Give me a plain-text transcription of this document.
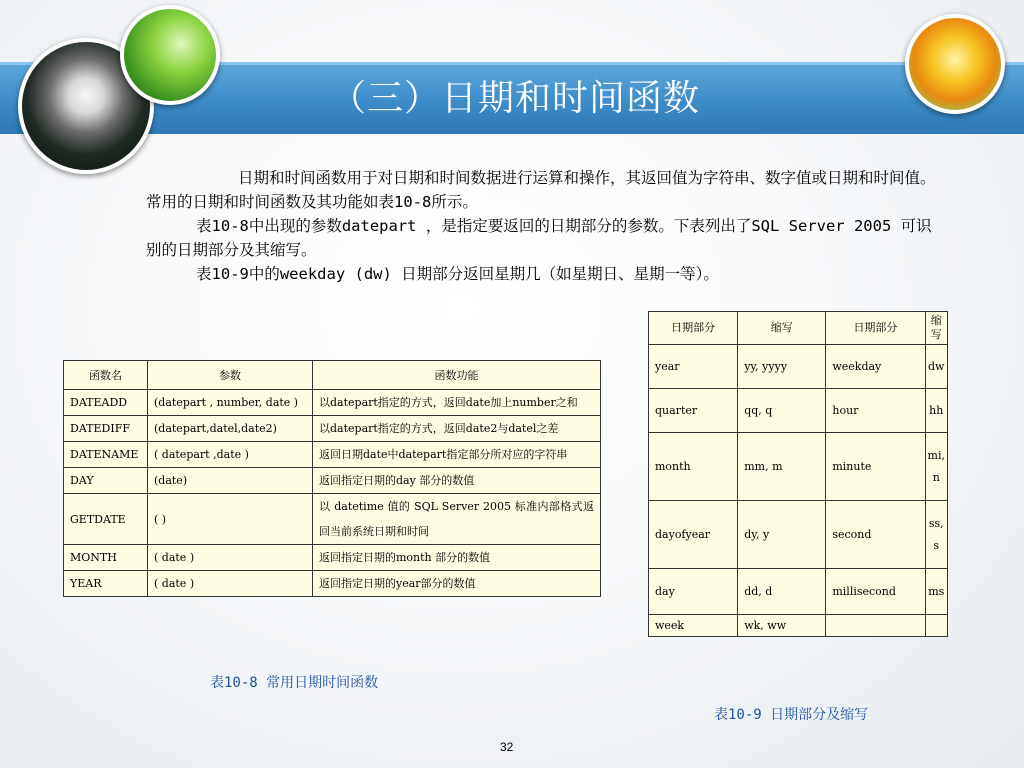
（三）日期和时间函数

日期和时间函数用于对日期和时间数据进行运算和操作，其返回值为字符串、数字值或日期和时间值。常用的日期和时间函数及其功能如表10-8所示。

表10-8中出现的参数datepart ，是指定要返回的日期部分的参数。下表列出了SQL Server 2005 可识别的日期部分及其缩写。

表10-9中的weekday (dw) 日期部分返回星期几（如星期日、星期一等）。

函数名	参数	函数功能
DATEADD	(datepart , number, date )	以datepart指定的方式，返回date加上number之和
DATEDIFF	(datepart,datel,date2)	以datepart指定的方式，返回date2与datel之差
DATENAME	( datepart ,date )	返回日期date中datepart指定部分所对应的字符串
DAY	(date)	返回指定日期的day 部分的数值
GETDATE	( )	以 datetime 值的 SQL Server 2005 标准内部格式返回当前系统日期和时间
MONTH	( date )	返回指定日期的month 部分的数值
YEAR	( date )	返回指定日期的year部分的数值
日期部分	缩写	日期部分	缩写
year	yy, yyyy	weekday	dw
quarter	qq, q	hour	hh
month	mm, m	minute	mi, n
dayofyear	dy, y	second	ss, s
day	dd, d	millisecond	ms
week	wk, ww		
表10-8 常用日期时间函数
表10-9 日期部分及缩写
32
